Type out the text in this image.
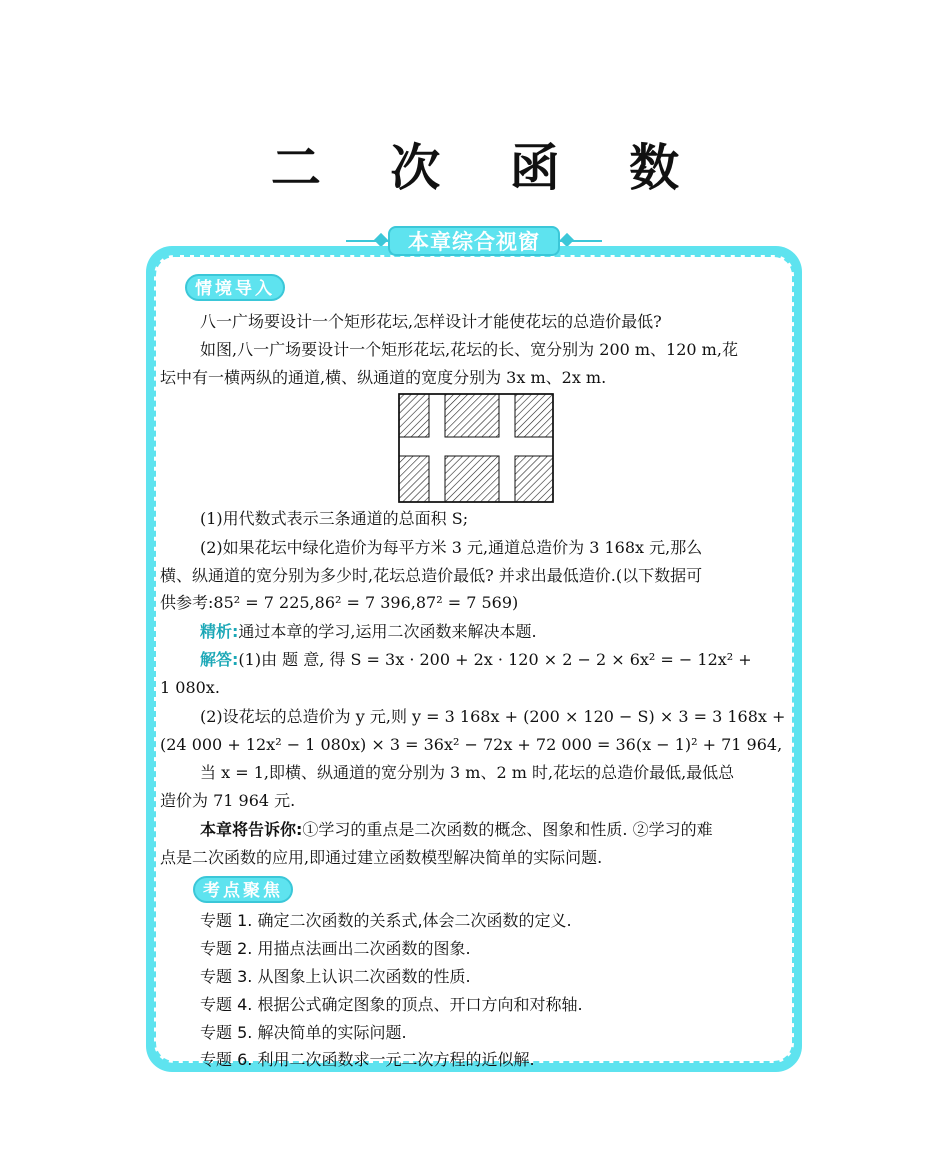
二 次 函 数
本章综合视窗
情境导入
八一广场要设计一个矩形花坛,怎样设计才能使花坛的总造价最低?
如图,八一广场要设计一个矩形花坛,花坛的长、宽分别为 200 m、120 m,花
坛中有一横两纵的通道,横、纵通道的宽度分别为 3x m、2x m.
(1)用代数式表示三条通道的总面积 S;
(2)如果花坛中绿化造价为每平方米 3 元,通道总造价为 3 168x 元,那么
横、纵通道的宽分别为多少时,花坛总造价最低? 并求出最低造价.(以下数据可
供参考:85² = 7 225,86² = 7 396,87² = 7 569)
精析:通过本章的学习,运用二次函数来解决本题.
解答:(1)由 题 意, 得 S = 3x · 200 + 2x · 120 × 2 − 2 × 6x² = − 12x² +
1 080x.
(2)设花坛的总造价为 y 元,则 y = 3 168x + (200 × 120 − S) × 3 = 3 168x +
(24 000 + 12x² − 1 080x) × 3 = 36x² − 72x + 72 000 = 36(x − 1)² + 71 964,
当 x = 1,即横、纵通道的宽分别为 3 m、2 m 时,花坛的总造价最低,最低总
造价为 71 964 元.
本章将告诉你:①学习的重点是二次函数的概念、图象和性质. ②学习的难
点是二次函数的应用,即通过建立函数模型解决简单的实际问题.
考点聚焦
专题 1. 确定二次函数的关系式,体会二次函数的定义.
专题 2. 用描点法画出二次函数的图象.
专题 3. 从图象上认识二次函数的性质.
专题 4. 根据公式确定图象的顶点、开口方向和对称轴.
专题 5. 解决简单的实际问题.
专题 6. 利用二次函数求一元二次方程的近似解.
